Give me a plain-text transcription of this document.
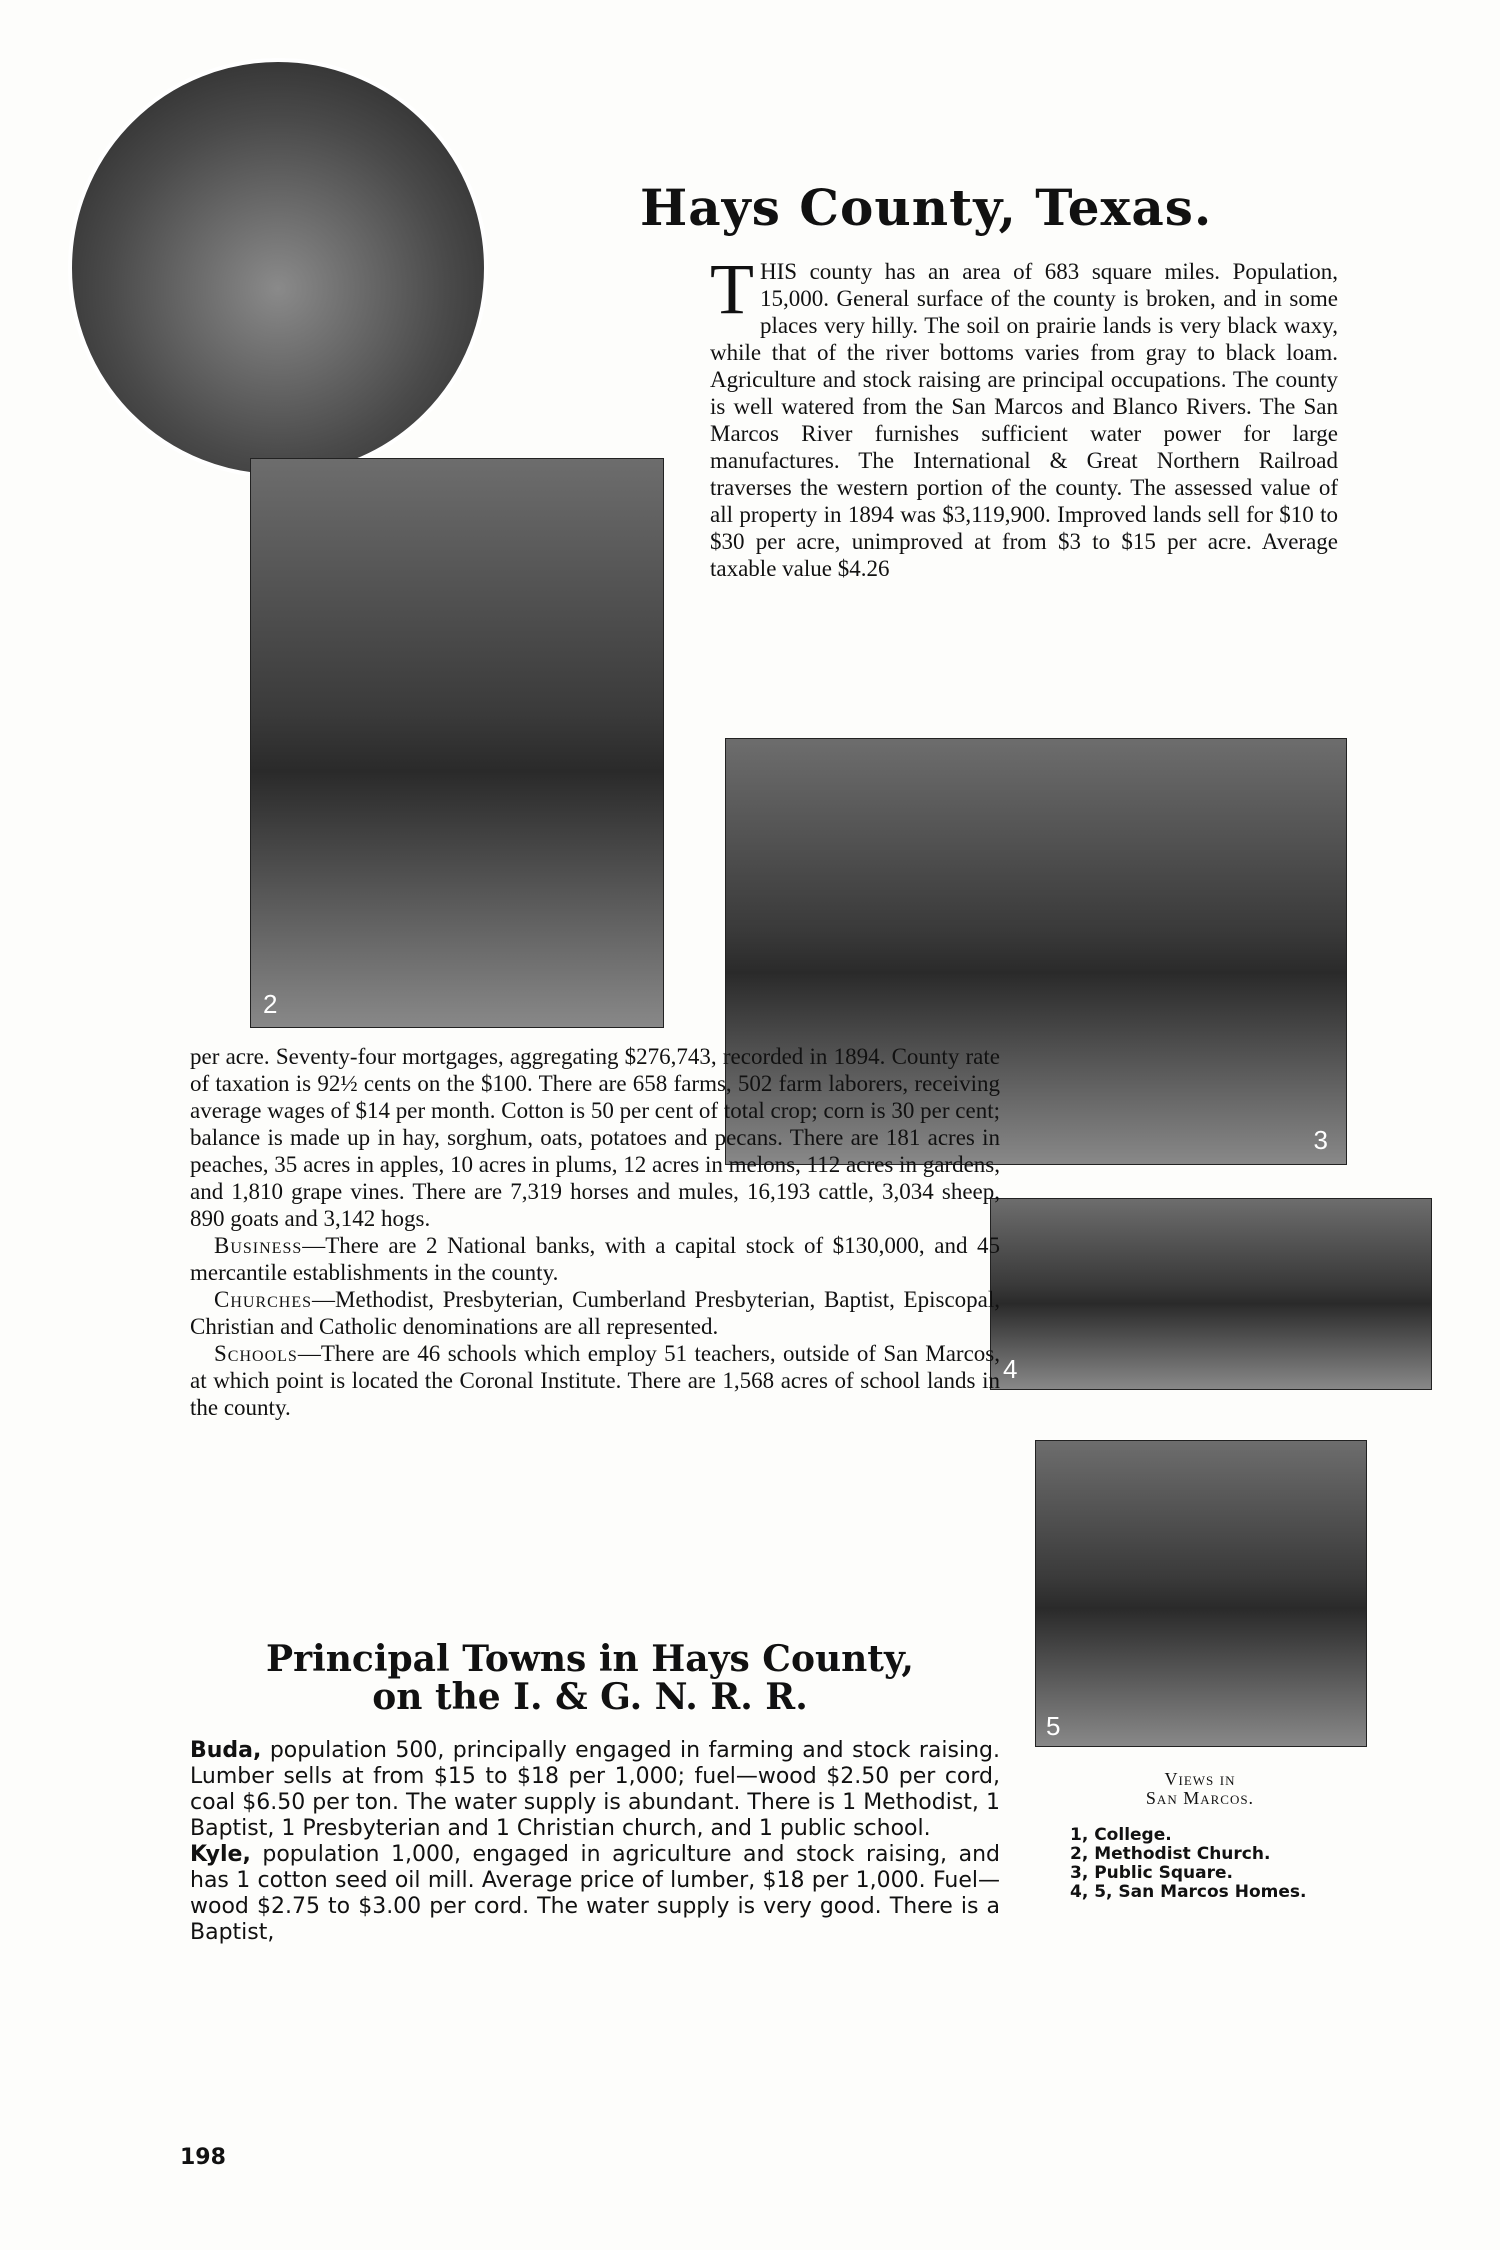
2
3
4
5
Hays County, Texas.
THIS county has an area of 683 square miles. Population, 15,000. General surface of the county is broken, and in some places very hilly. The soil on prairie lands is very black waxy, while that of the river bottoms varies from gray to black loam. Agriculture and stock raising are principal occupations. The county is well watered from the San Marcos and Blanco Rivers. The San Marcos River furnishes sufficient water power for large manufactures. The International & Great Northern Railroad traverses the western portion of the county. The assessed value of all property in 1894 was $3,119,900. Improved lands sell for $10 to $30 per acre, unimproved at from $3 to $15 per acre. Average taxable value $4.26

per acre. Seventy-four mortgages, aggregating $276,743, recorded in 1894. County rate of taxation is 92½ cents on the $100. There are 658 farms, 502 farm laborers, receiving average wages of $14 per month. Cotton is 50 per cent of total crop; corn is 30 per cent; balance is made up in hay, sorghum, oats, potatoes and pecans. There are 181 acres in peaches, 35 acres in apples, 10 acres in plums, 12 acres in melons, 112 acres in gardens, and 1,810 grape vines. There are 7,319 horses and mules, 16,193 cattle, 3,034 sheep, 890 goats and 3,142 hogs.

Business—There are 2 National banks, with a capital stock of $130,000, and 45 mercantile establishments in the county.

Churches—Methodist, Presbyterian, Cumberland Presbyterian, Baptist, Episcopal, Christian and Catholic denominations are all represented.

Schools—There are 46 schools which employ 51 teachers, outside of San Marcos, at which point is located the Coronal Institute. There are 1,568 acres of school lands in the county.

Principal Towns in Hays County,
on the I. & G. N. R. R.

Buda, population 500, principally engaged in farming and stock raising. Lumber sells at from $15 to $18 per 1,000; fuel—wood $2.50 per cord, coal $6.50 per ton. The water supply is abundant. There is 1 Methodist, 1 Baptist, 1 Presbyterian and 1 Christian church, and 1 public school.

Kyle, population 1,000, engaged in agriculture and stock raising, and has 1 cotton seed oil mill. Average price of lumber, $18 per 1,000. Fuel—wood $2.75 to $3.00 per cord. The water supply is very good. There is a Baptist,

Views in
San Marcos.
1, College.
2, Methodist Church.
3, Public Square.
4, 5, San Marcos Homes.
198
